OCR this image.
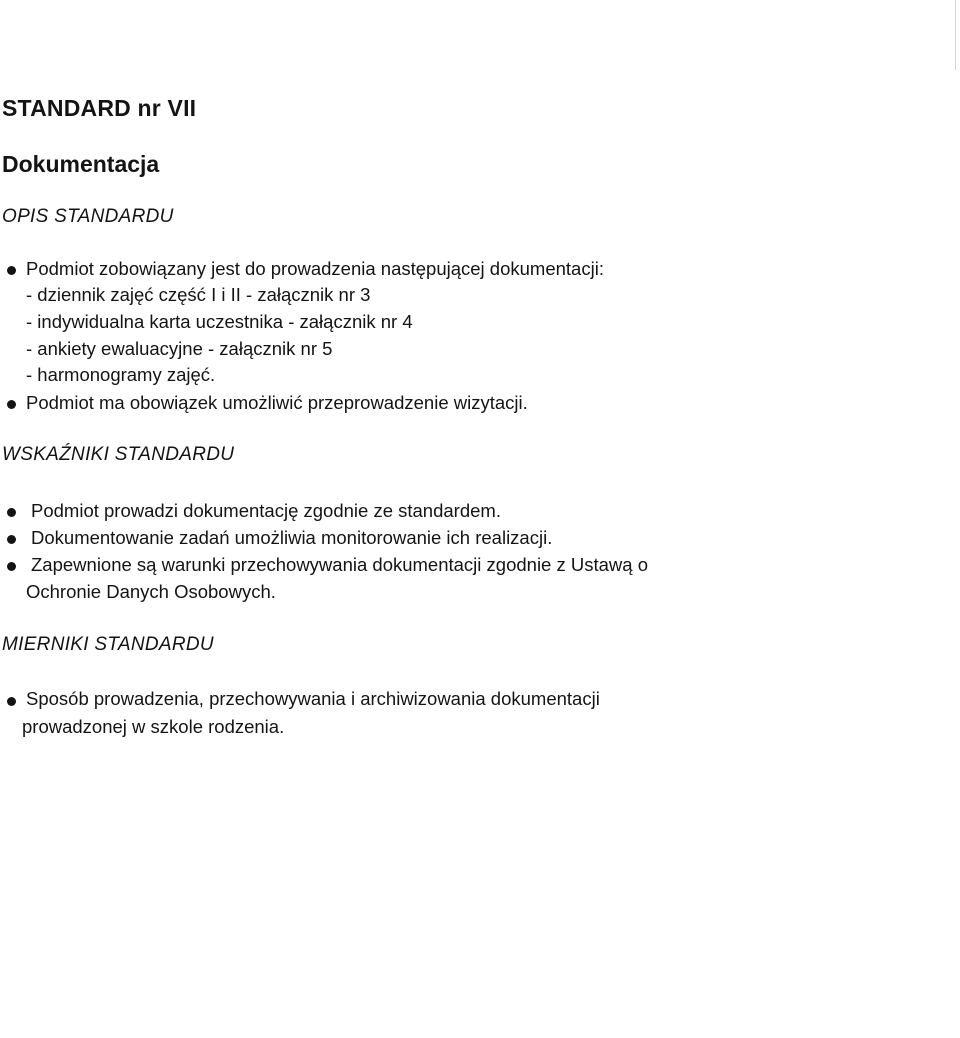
STANDARD nr VII
Dokumentacja
OPIS STANDARDU
Podmiot zobowiązany jest do prowadzenia następującej dokumentacji:
- dziennik zajęć część I i II - załącznik nr 3
- indywidualna karta uczestnika - załącznik nr 4
- ankiety ewaluacyjne - załącznik nr 5
- harmonogramy zajęć.
Podmiot ma obowiązek umożliwić przeprowadzenie wizytacji.
WSKAŹNIKI STANDARDU
Podmiot prowadzi dokumentację zgodnie ze standardem.
Dokumentowanie zadań umożliwia monitorowanie ich realizacji.
Zapewnione są warunki przechowywania dokumentacji zgodnie z Ustawą o
Ochronie Danych Osobowych.
MIERNIKI STANDARDU
Sposób prowadzenia, przechowywania i archiwizowania dokumentacji
prowadzonej w szkole rodzenia.
